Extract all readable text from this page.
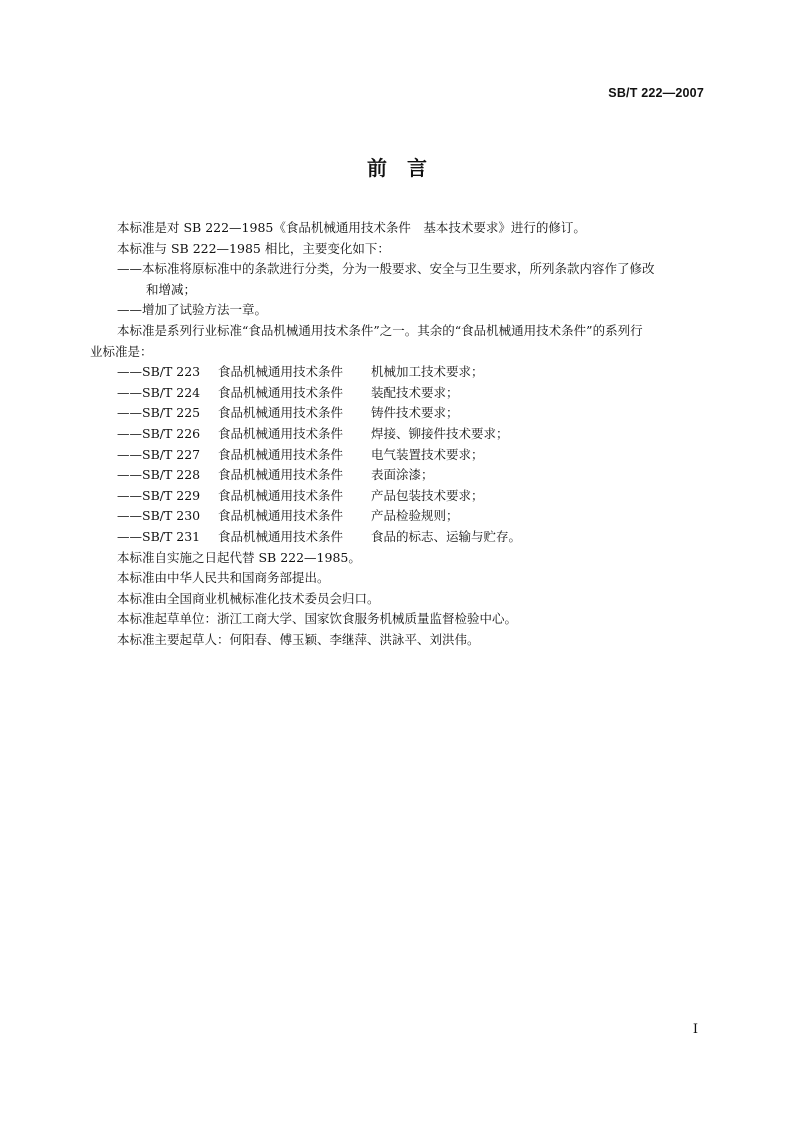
SB/T 222—2007
前　言
本标准是对 SB 222—1985《食品机械通用技术条件　基本技术要求》进行的修订。
本标准与 SB 222—1985 相比，主要变化如下：
——本标准将原标准中的条款进行分类，分为一般要求、安全与卫生要求，所列条款内容作了修改
和增减；
——增加了试验方法一章。
本标准是系列行业标准“食品机械通用技术条件”之一。其余的“食品机械通用技术条件”的系列行
业标准是：
——SB/T 223	食品机械通用技术条件	机械加工技术要求；
——SB/T 224	食品机械通用技术条件	装配技术要求；
——SB/T 225	食品机械通用技术条件	铸件技术要求；
——SB/T 226	食品机械通用技术条件	焊接、铆接件技术要求；
——SB/T 227	食品机械通用技术条件	电气装置技术要求；
——SB/T 228	食品机械通用技术条件	表面涂漆；
——SB/T 229	食品机械通用技术条件	产品包装技术要求；
——SB/T 230	食品机械通用技术条件	产品检验规则；
——SB/T 231	食品机械通用技术条件	食品的标志、运输与贮存。
本标准自实施之日起代替 SB 222—1985。
本标准由中华人民共和国商务部提出。
本标准由全国商业机械标准化技术委员会归口。
本标准起草单位：浙江工商大学、国家饮食服务机械质量监督检验中心。
本标准主要起草人：何阳春、傅玉颖、李继萍、洪詠平、刘洪伟。
I
